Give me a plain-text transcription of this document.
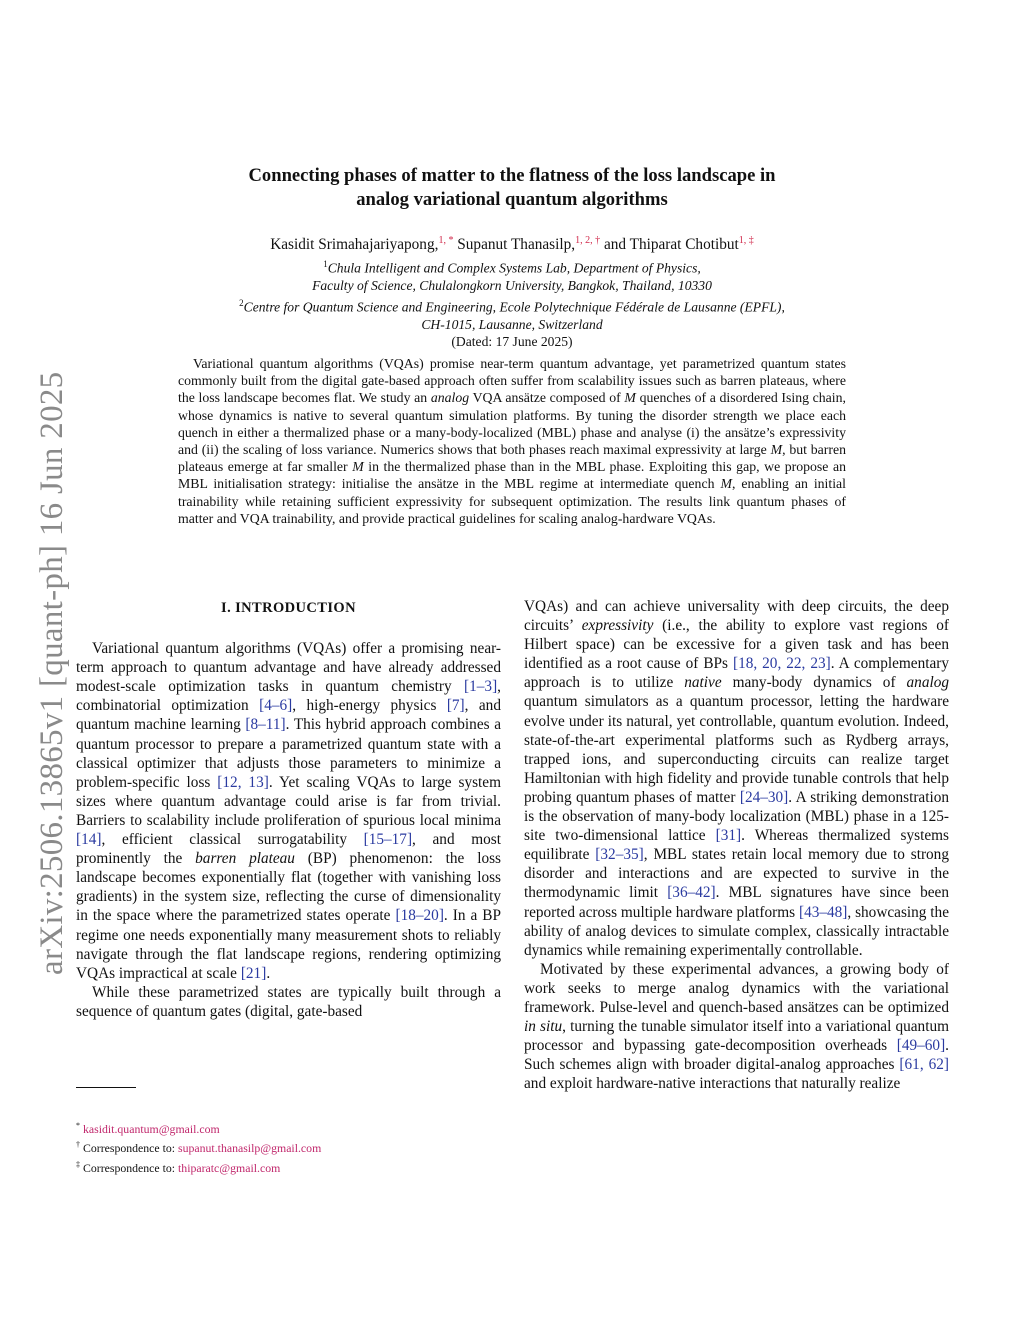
arXiv:2506.13865v1 [quant-ph] 16 Jun 2025
Connecting phases of matter to the flatness of the loss landscape in
analog variational quantum algorithms
Kasidit Srimahajariyapong,$^{1, *}$ Supanut Thanasilp,$^{1, 2, \dagger}$ and Thiparat Chotibut$^{1, \ddagger}$
$^1$Chula Intelligent and Complex Systems Lab, Department of Physics,
Faculty of Science, Chulalongkorn University, Bangkok, Thailand, 10330
$^2$Centre for Quantum Science and Engineering, Ecole Polytechnique Fédérale de Lausanne (EPFL),
CH-1015, Lausanne, Switzerland
(Dated: 17 June 2025)

Variational quantum algorithms (VQAs) promise near-term quantum advantage, yet parametrized quantum states commonly built from the digital gate-based approach often suffer from scalability issues such as barren plateaus, where the loss landscape becomes flat. We study an analog VQA ansätze composed of M quenches of a disordered Ising chain, whose dynamics is native to several quantum simulation platforms. By tuning the disorder strength we place each quench in either a thermalized phase or a many-body-localized (MBL) phase and analyse (i) the ansätze’s expressivity and (ii) the scaling of loss variance. Numerics shows that both phases reach maximal expressivity at large M, but barren plateaus emerge at far smaller M in the thermalized phase than in the MBL phase. Exploiting this gap, we propose an MBL initialisation strategy: initialise the ansätze in the MBL regime at intermediate quench M, enabling an initial trainability while retaining sufficient expressivity for subsequent optimization. The results link quantum phases of matter and VQA trainability, and provide practical guidelines for scaling analog-hardware VQAs.

I. INTRODUCTION

Variational quantum algorithms (VQAs) offer a promising near-term approach to quantum advantage and have already addressed modest-scale optimization tasks in quantum chemistry [1–3], combinatorial optimization [4–6], high-energy physics [7], and quantum machine learning [8–11]. This hybrid approach combines a quantum processor to prepare a parametrized quantum state with a classical optimizer that adjusts those parameters to minimize a problem-specific loss [12, 13]. Yet scaling VQAs to large system sizes where quantum advantage could arise is far from trivial. Barriers to scalability include proliferation of spurious local minima [14], efficient classical surrogatability [15–17], and most prominently the barren plateau (BP) phenomenon: the loss landscape becomes exponentially flat (together with vanishing loss gradients) in the system size, reflecting the curse of dimensionality in the space where the parametrized states operate [18–20]. In a BP regime one needs exponentially many measurement shots to reliably navigate through the flat landscape regions, rendering optimizing VQAs impractical at scale [21].

While these parametrized states are typically built through a sequence of quantum gates (digital, gate-based

VQAs) and can achieve universality with deep circuits, the deep circuits’ expressivity (i.e., the ability to explore vast regions of Hilbert space) can be excessive for a given task and has been identified as a root cause of BPs [18, 20, 22, 23]. A complementary approach is to utilize native many-body dynamics of analog quantum simulators as a quantum processor, letting the hardware evolve under its natural, yet controllable, quantum evolution. Indeed, state-of-the-art experimental platforms such as Rydberg arrays, trapped ions, and superconducting circuits can realize target Hamiltonian with high fidelity and provide tunable controls that help probing quantum phases of matter [24–30]. A striking demonstration is the observation of many-body localization (MBL) phase in a 125-site two-dimensional lattice [31]. Whereas thermalized systems equilibrate [32–35], MBL states retain local memory due to strong disorder and interactions and are expected to survive in the thermodynamic limit [36–42]. MBL signatures have since been reported across multiple hardware platforms [43–48], showcasing the ability of analog devices to simulate complex, classically intractable dynamics while remaining experimentally controllable.

Motivated by these experimental advances, a growing body of work seeks to merge analog dynamics with the variational framework. Pulse-level and quench-based ansätzes can be optimized in situ, turning the tunable simulator itself into a variational quantum processor and bypassing gate-decomposition overheads [49–60]. Such schemes align with broader digital-analog approaches [61, 62] and exploit hardware-native interactions that naturally realize

* kasidit.quantum@gmail.com
† Correspondence to: supanut.thanasilp@gmail.com
‡ Correspondence to: thiparatc@gmail.com
